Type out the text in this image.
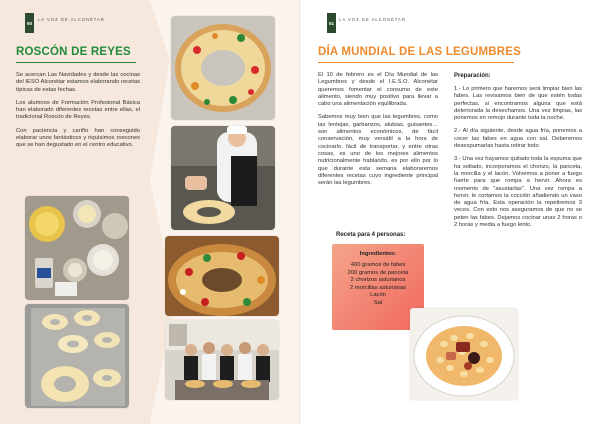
50
LA VOZ DE ALCONÉTAR
ROSCÓN DE REYES

Se acercan Las Navidades y desde las cocinas del IESO Alconétar estamos elaborando recetas típicas de estas fechas.

Los alumnos de Formación Profesional Básica han elaborado diferentes recetas entre ellas, el tradicional Roscón de Reyes.

Con paciencia y cariño han conseguido elaborar unos fantásticos y riquísimos roscones que se han degustado en el centro educativo.

51
LA VOZ DE ALCONÉTAR
DÍA MUNDIAL DE LAS LEGUMBRES

El 10 de febrero es el Día Mundial de las Legumbres y desde el I.E.S.O. Alconétar queremos fomentar el consumo de este alimento, siendo muy positivo para llevar a cabo una alimentación equilibrada.

Sabemos muy bien que las legumbres, como las lentejas, garbanzos, alubias, guisantes… son alimentos económicos, de fácil conservación, muy versátil a la hora de cocinarlo, fácil de transportar, y entre otras cosas, es uno de los mejores alimentos nutricionalmente hablando, es por ello por lo que durante esta semana elaboraremos diferentes recetas cuyo ingrediente principal serán las legumbres.

Receta para 4 personas:
Ingredientes:
400 gramos de fabes
200 gramos de panceta
2 chorizos asturianos
2 morcillas asturianas
Lacón
Sal
Preparación:

1.- Lo primero que haremos será limpiar bien las fabes. Las revisamos bien de que estén todas perfectas, si encontramos alguna que está deteriorada la desechamos. Una vez limpias, las ponemos en remojo durante toda la noche.

2.- Al día siguiente, desde agua fría, ponemos a cocer las fabes en agua con sal. Deberemos desespumarlas hasta retirar todo.

3.- Una vez hayamos quitado toda la espuma que ha soltado, incorporamos el chorizo, la panceta, la morcilla y el lacón. Volvemos a poner a fuego fuerte para que rompa a hervir. Ahora es momento de "asustarlas". Una vez rompa a hervir, le cortamos la cocción añadiendo un vaso de agua fría. Esta operación la repetiremos 3 veces. Con esto nos aseguramos de que no se peten las fabes. Dejamos cocinar unas 2 horas o 2 horas y media a fuego lento.
